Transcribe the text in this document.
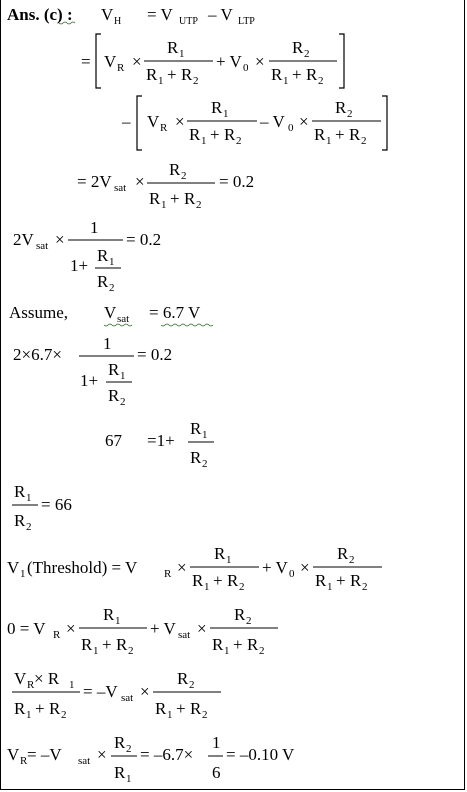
Ans. (c) : V H = V UTP – V LTP
= V R ×
R 1
R 1 + R 2
+ V 0 ×
R 2
R 1 + R 2
– V R ×
R 1
R 1 + R 2
– V 0 ×
R 2
R 1 + R 2
= 2V sat ×
R 2
R 1 + R 2
= 0.2
2V sat ×
1
1+
R 1
R 2
= 0.2
Assume, V sat = 6.7 V
2×6.7×
1
1+
R 1
R 2
= 0.2
67 =1+
R 1
R 2
R 1
R 2
= 66
V 1 (Threshold) = V R ×
R 1
R 1 + R 2
+ V 0 ×
R 2
R 1 + R 2
0 = V R ×
R 1
R 1 + R 2
+ V sat ×
R 2
R 1 + R 2
V R × R 1
R 1 + R 2
= –V sat ×
R 2
R 1 + R 2
V R = –V sat ×
R 2
R 1
= –6.7×
1
6
= –0.10 V
